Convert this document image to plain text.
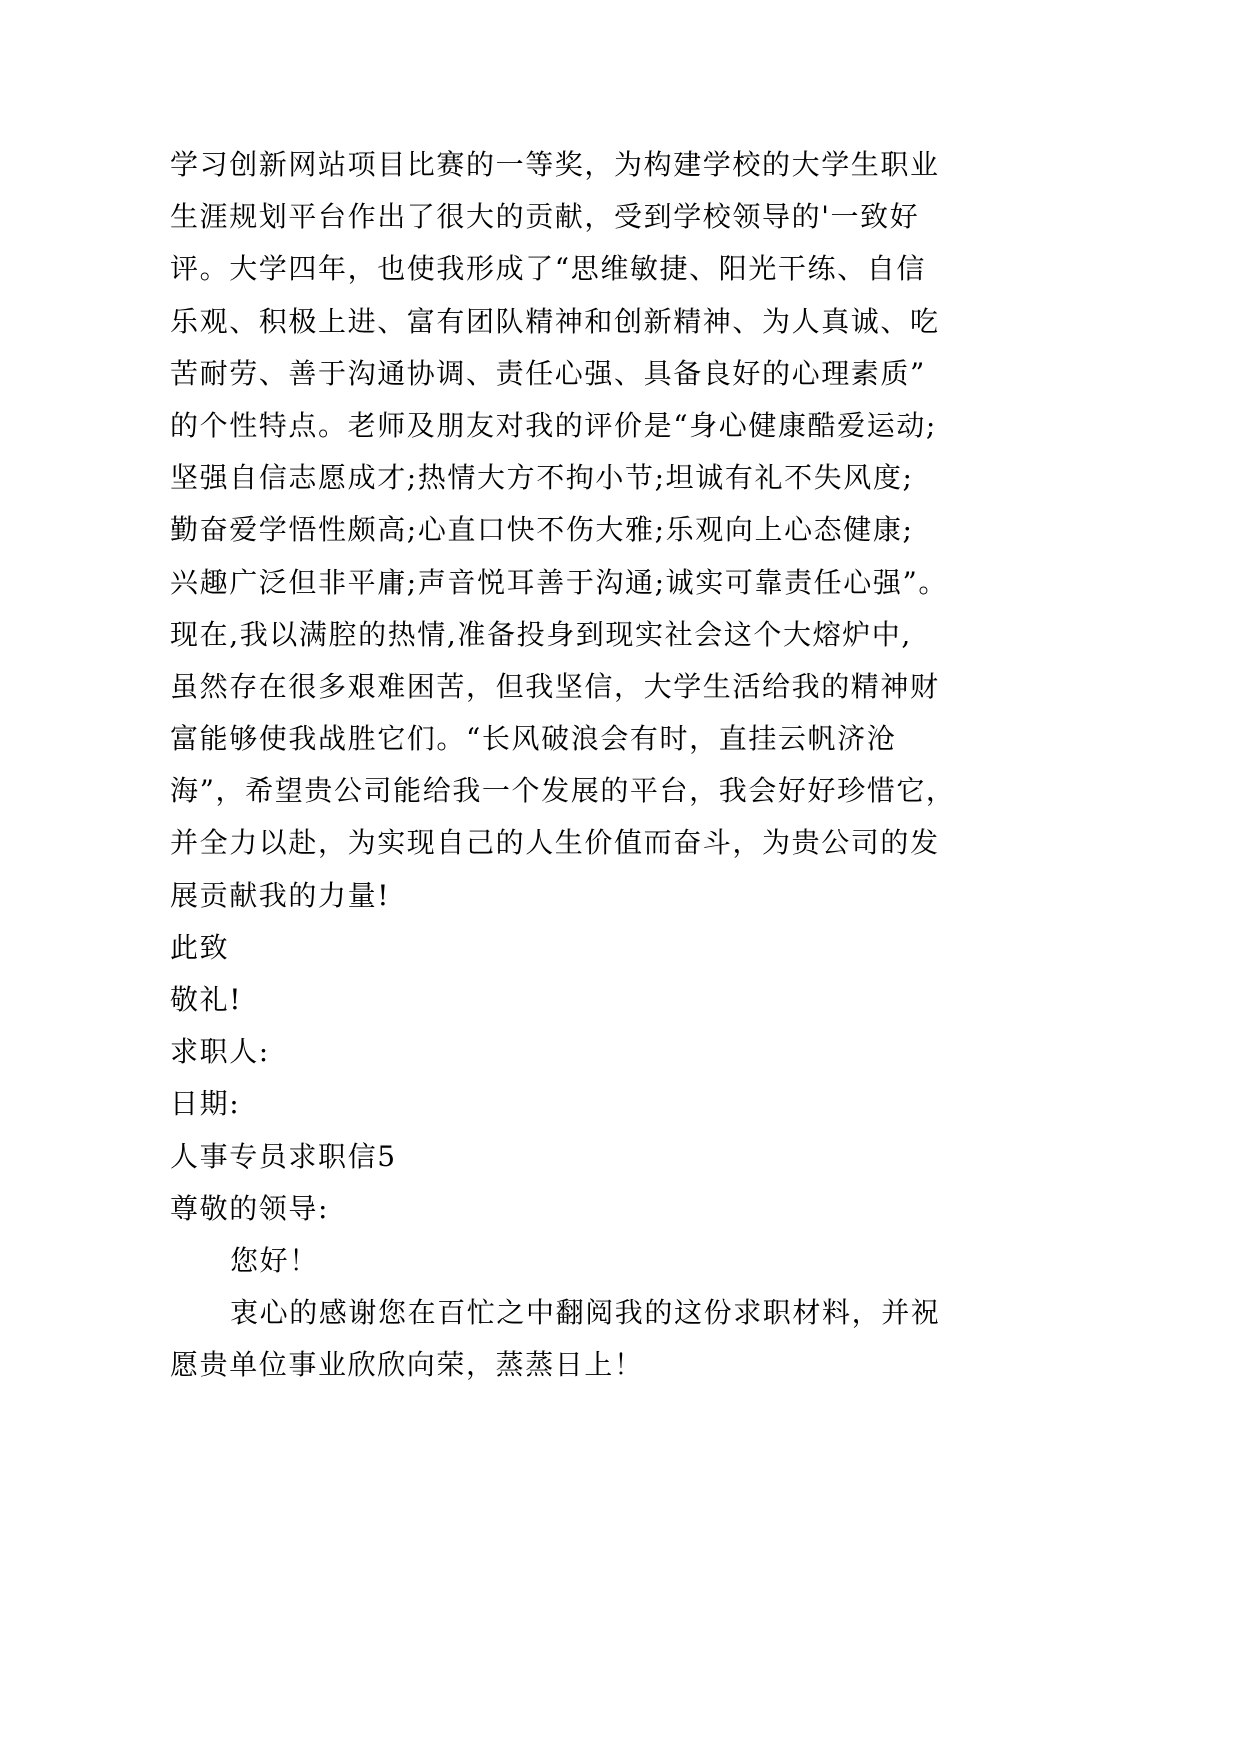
学习创新网站项目比赛的一等奖，为构建学校的大学生职业
生涯规划平台作出了很大的贡献，受到学校领导的'一致好
评。大学四年，也使我形成了“思维敏捷、阳光干练、自信
乐观、积极上进、富有团队精神和创新精神、为人真诚、吃
苦耐劳、善于沟通协调、责任心强、具备良好的心理素质”
的个性特点。老师及朋友对我的评价是“身心健康酷爱运动;
坚强自信志愿成才;热情大方不拘小节;坦诚有礼不失风度;
勤奋爱学悟性颇高;心直口快不伤大雅;乐观向上心态健康;
兴趣广泛但非平庸;声音悦耳善于沟通;诚实可靠责任心强”。
现在,我以满腔的热情,准备投身到现实社会这个大熔炉中,
虽然存在很多艰难困苦，但我坚信，大学生活给我的精神财
富能够使我战胜它们。“长风破浪会有时，直挂云帆济沧
海”，希望贵公司能给我一个发展的平台，我会好好珍惜它，
并全力以赴，为实现自己的人生价值而奋斗，为贵公司的发
展贡献我的力量!
此致
敬礼!
求职人:
日期:
人事专员求职信5
尊敬的领导:
您好！
衷心的感谢您在百忙之中翻阅我的这份求职材料，并祝
愿贵单位事业欣欣向荣，蒸蒸日上！
